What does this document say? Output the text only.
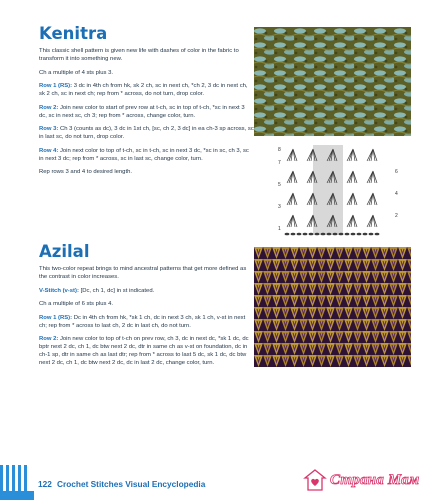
Kenitra

This classic shell pattern is given new life with dashes of color in the fabric to transform it into something new.

Ch a multiple of 4 sts plus 3.

Row 1 (RS): 3 dc in 4th ch from hk, sk 2 ch, sc in next ch, *ch 2, 3 dc in next ch, sk 2 ch, sc in next ch; rep from * across, do not turn, drop color.

Row 2: Join new color to start of prev row at t-ch, sc in top of t-ch, *sc in next 3 dc, sc in next sc, ch 3; rep from * across, change color, turn.

Row 3: Ch 3 (counts as dc), 3 dc in 1st ch, [sc, ch 2, 3 dc] in ea ch-3 sp across, sc in last sc, do not turn, drop color.

Row 4: Join next color to top of t-ch, sc in t-ch, sc in next 3 dc, *sc in sc, ch 3, sc in next 3 dc; rep from * across, sc in last sc, change color, turn.

Rep rows 3 and 4 to desired length.

8
7
5
3
1
6
4
2
Azilal

This two-color repeat brings to mind ancestral patterns that get more defined as the contrast in color increases.

V-Stitch (v-st): [Dc, ch 1, dc] in st indicated.

Ch a multiple of 6 sts plus 4.

Row 1 (RS): Dc in 4th ch from hk, *sk 1 ch, dc in next 3 ch, sk 1 ch, v-st in next ch; rep from * across to last ch, 2 dc in last ch, do not turn.

Row 2: Join new color to top of t-ch on prev row, ch 3, dc in next dc, *sk 1 dc, dc bptr next 2 dc, ch 1, dc btw next 2 dc, dtr in same ch as v-st on foundation, dc in ch-1 sp, dtr in same ch as last dtr; rep from * across to last 5 dc, sk 1 dc, dc btw next 2 dc, ch 1, dc btw next 2 dc, dc in last 2 dc, change color, turn.

122 Crochet Stitches Visual Encyclopedia	Страна Мам
